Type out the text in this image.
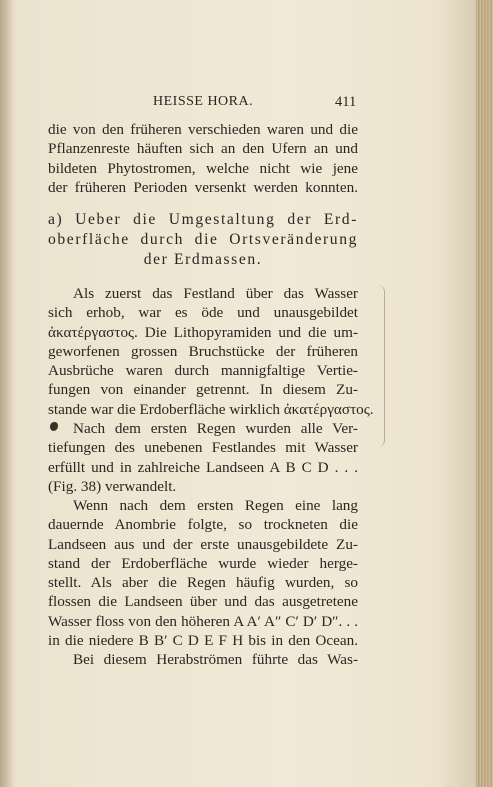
HEISSE HORA.	411
die von den früheren verschieden waren und die
Pflanzenreste häuften sich an den Ufern an und
bildeten Phytostromen, welche nicht wie jene
der früheren Perioden versenkt werden konnten.
a) Ueber die Umgestaltung der Erd-
oberfläche durch die Ortsveränderung
der Erdmassen.
Als zuerst das Festland über das Wasser
sich erhob, war es öde und unausgebildet
ἀκατέργαστος. Die Lithopyramiden und die um-
geworfenen grossen Bruchstücke der früheren
Ausbrüche waren durch mannigfaltige Vertie-
fungen von einander getrennt. In diesem Zu-
stande war die Erdoberfläche wirklich ἀκατέργαστος.
Nach dem ersten Regen wurden alle Ver-
tiefungen des unebenen Festlandes mit Wasser
erfüllt und in zahlreiche Landseen A B C D . . .
(Fig. 38) verwandelt.
Wenn nach dem ersten Regen eine lang
dauernde Anombrie folgte, so trockneten die
Landseen aus und der erste unausgebildete Zu-
stand der Erdoberfläche wurde wieder herge-
stellt. Als aber die Regen häufig wurden, so
flossen die Landseen über und das ausgetretene
Wasser floss von den höheren A A′ A″ C′ D′ D″. . .
in die niedere B B′ C D E F H bis in den Ocean.
Bei diesem Herabströmen führte das Was-
